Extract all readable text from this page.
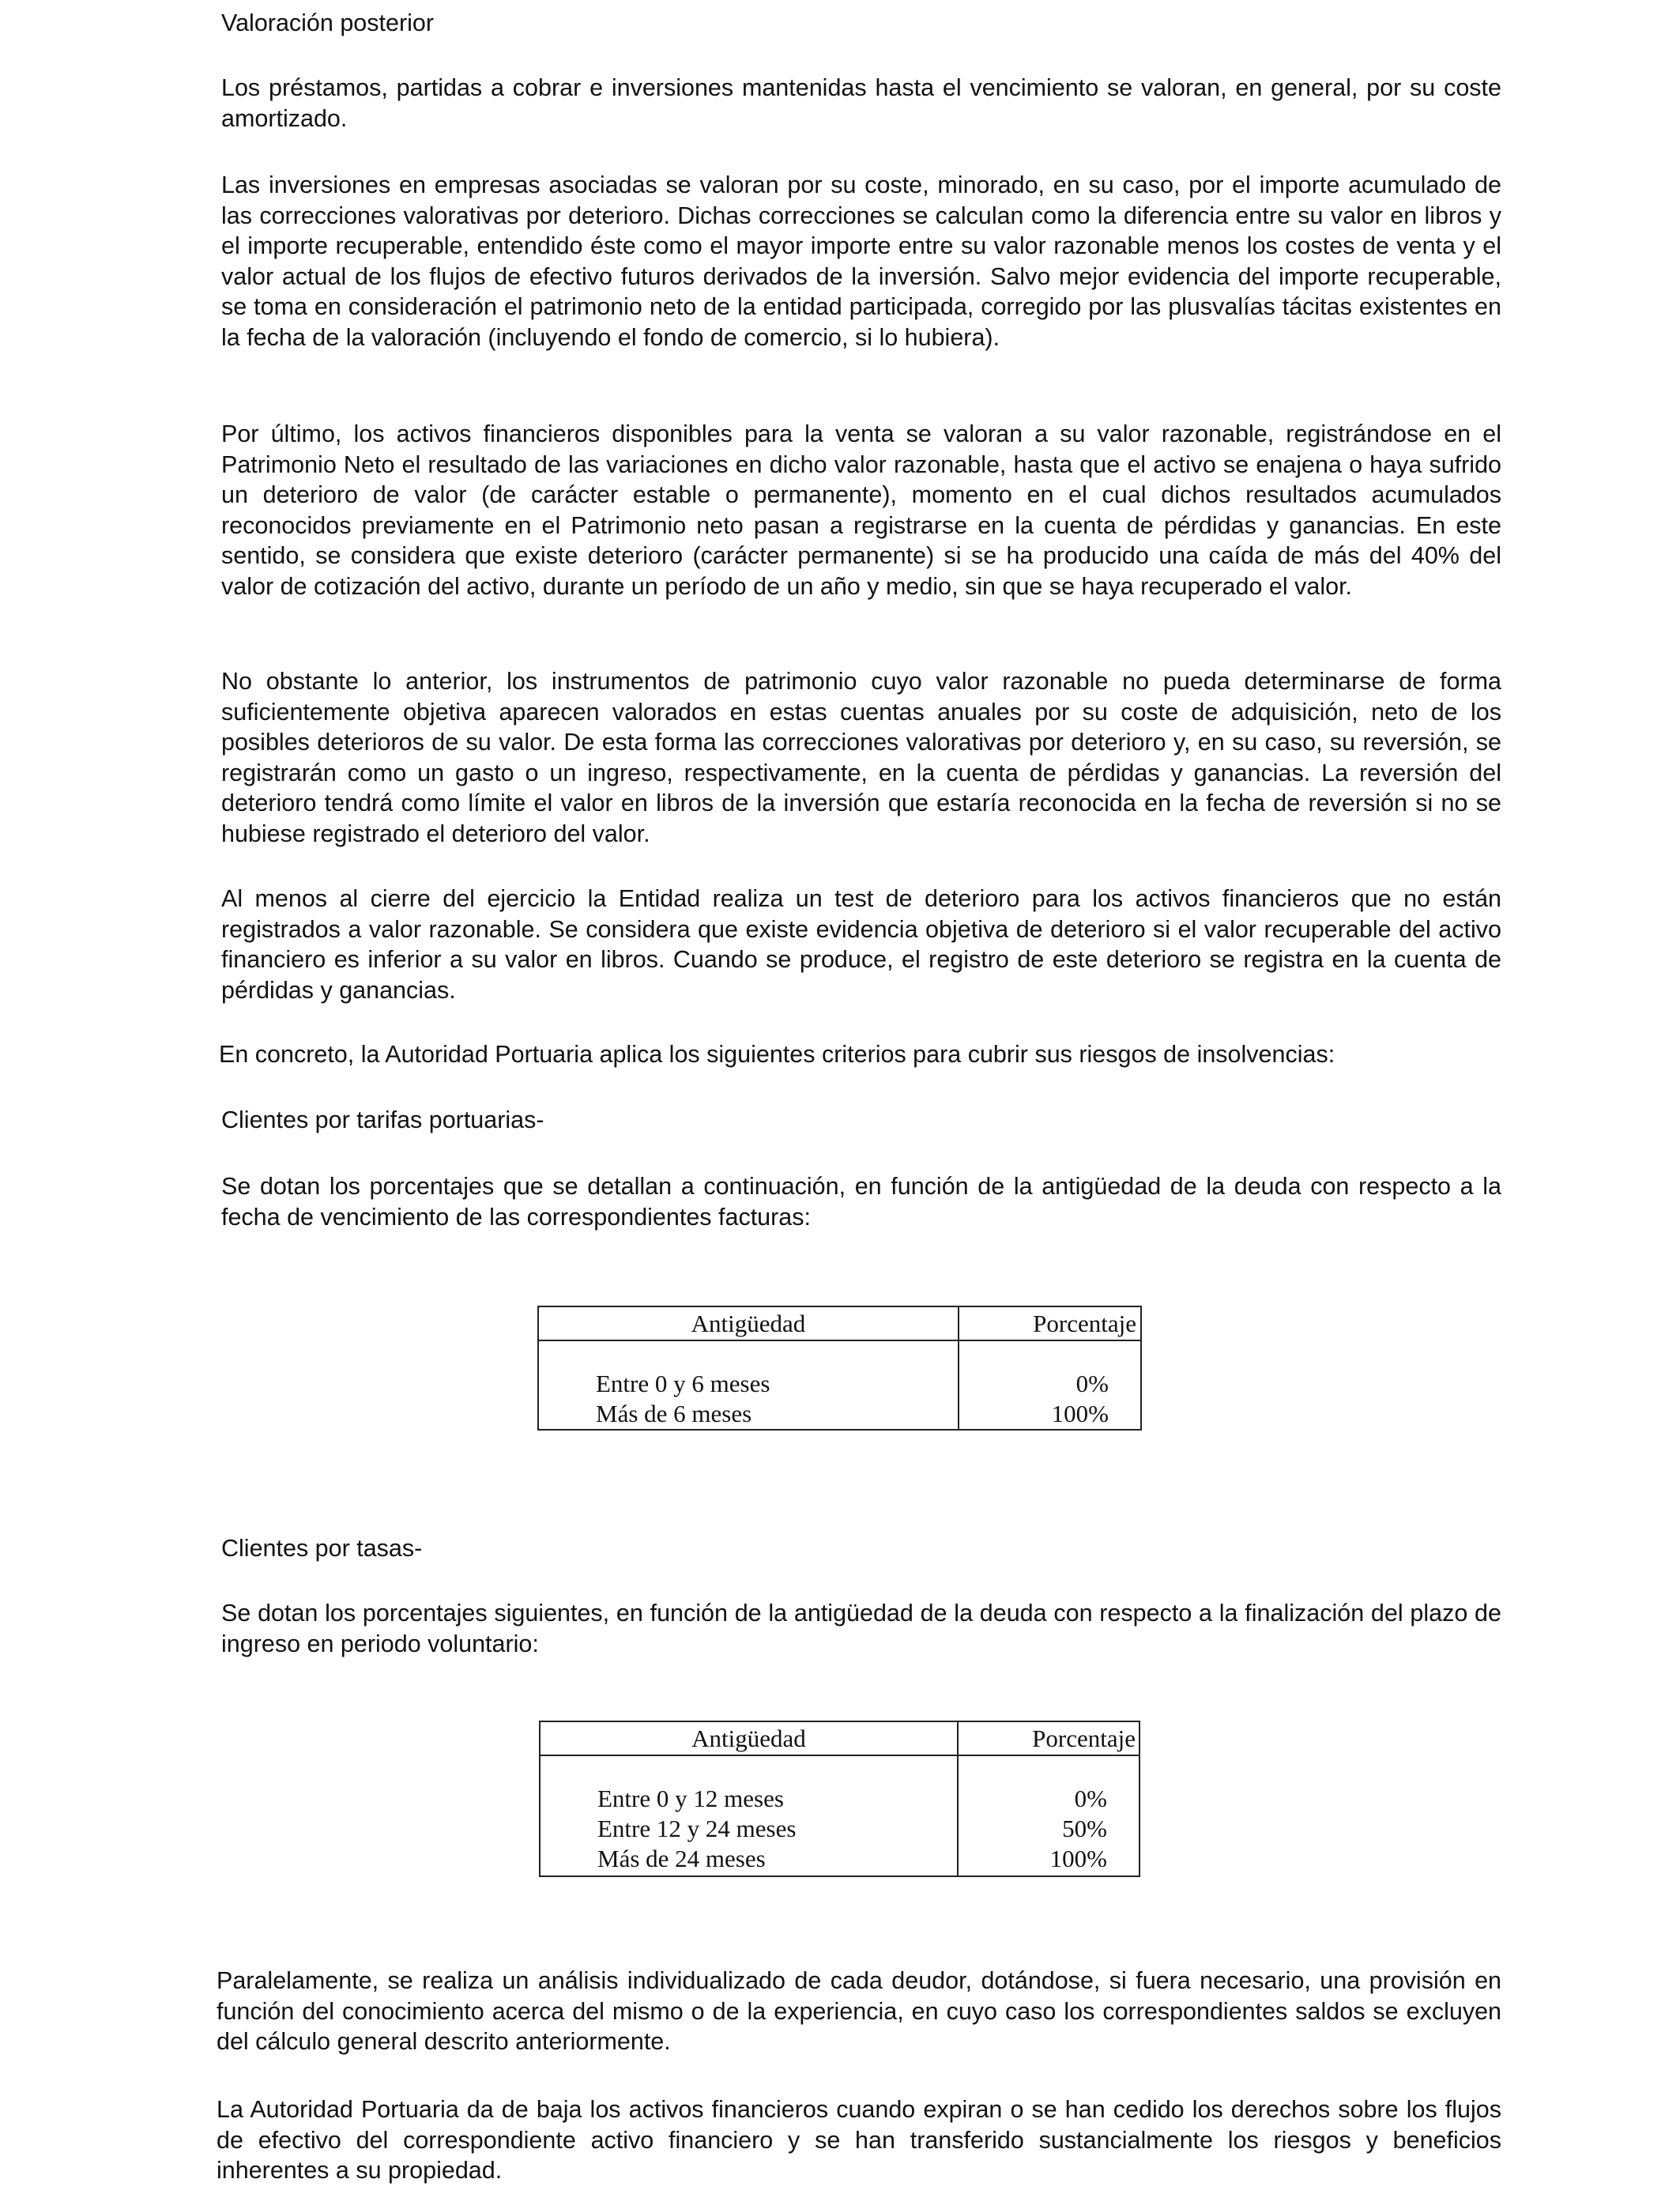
Valoración posterior

Los préstamos, partidas a cobrar e inversiones mantenidas hasta el vencimiento se valoran, en general, por su coste amortizado.

Las inversiones en empresas asociadas se valoran por su coste, minorado, en su caso, por el importe acumulado de las correcciones valorativas por deterioro. Dichas correcciones se calculan como la diferencia entre su valor en libros y el importe recuperable, entendido éste como el mayor importe entre su valor razonable menos los costes de venta y el valor actual de los flujos de efectivo futuros derivados de la inversión. Salvo mejor evidencia del importe recuperable, se toma en consideración el patrimonio neto de la entidad participada, corregido por las plusvalías tácitas existentes en la fecha de la valoración (incluyendo el fondo de comercio, si lo hubiera).

Por último, los activos financieros disponibles para la venta se valoran a su valor razonable, registrándose en el Patrimonio Neto el resultado de las variaciones en dicho valor razonable, hasta que el activo se enajena o haya sufrido un deterioro de valor (de carácter estable o permanente), momento en el cual dichos resultados acumulados reconocidos previamente en el Patrimonio neto pasan a registrarse en la cuenta de pérdidas y ganancias. En este sentido, se considera que existe deterioro (carácter permanente) si se ha producido una caída de más del 40% del valor de cotización del activo, durante un período de un año y medio, sin que se haya recuperado el valor.

No obstante lo anterior, los instrumentos de patrimonio cuyo valor razonable no pueda determinarse de forma suficientemente objetiva aparecen valorados en estas cuentas anuales por su coste de adquisición, neto de los posibles deterioros de su valor. De esta forma las correcciones valorativas por deterioro y, en su caso, su reversión, se registrarán como un gasto o un ingreso, respectivamente, en la cuenta de pérdidas y ganancias. La reversión del deterioro tendrá como límite el valor en libros de la inversión que estaría reconocida en la fecha de reversión si no se hubiese registrado el deterioro del valor.

Al menos al cierre del ejercicio la Entidad realiza un test de deterioro para los activos financieros que no están registrados a valor razonable. Se considera que existe evidencia objetiva de deterioro si el valor recuperable del activo financiero es inferior a su valor en libros. Cuando se produce, el registro de este deterioro se registra en la cuenta de pérdidas y ganancias.

En concreto, la Autoridad Portuaria aplica los siguientes criterios para cubrir sus riesgos de insolvencias:

Clientes por tarifas portuarias-

Se dotan los porcentajes que se detallan a continuación, en función de la antigüedad de la deuda con respecto a la fecha de vencimiento de las correspondientes facturas:

Antigüedad	Porcentaje
Entre 0 y 6 meses	0%
Más de 6 meses	100%

Clientes por tasas-

Se dotan los porcentajes siguientes, en función de la antigüedad de la deuda con respecto a la finalización del plazo de ingreso en periodo voluntario:

Antigüedad	Porcentaje
Entre 0 y 12 meses	0%
Entre 12 y 24 meses	50%
Más de 24 meses	100%

Paralelamente, se realiza un análisis individualizado de cada deudor, dotándose, si fuera necesario, una provisión en función del conocimiento acerca del mismo o de la experiencia, en cuyo caso los correspondientes saldos se excluyen del cálculo general descrito anteriormente.

La Autoridad Portuaria da de baja los activos financieros cuando expiran o se han cedido los derechos sobre los flujos de efectivo del correspondiente activo financiero y se han transferido sustancialmente los riesgos y beneficios inherentes a su propiedad.
